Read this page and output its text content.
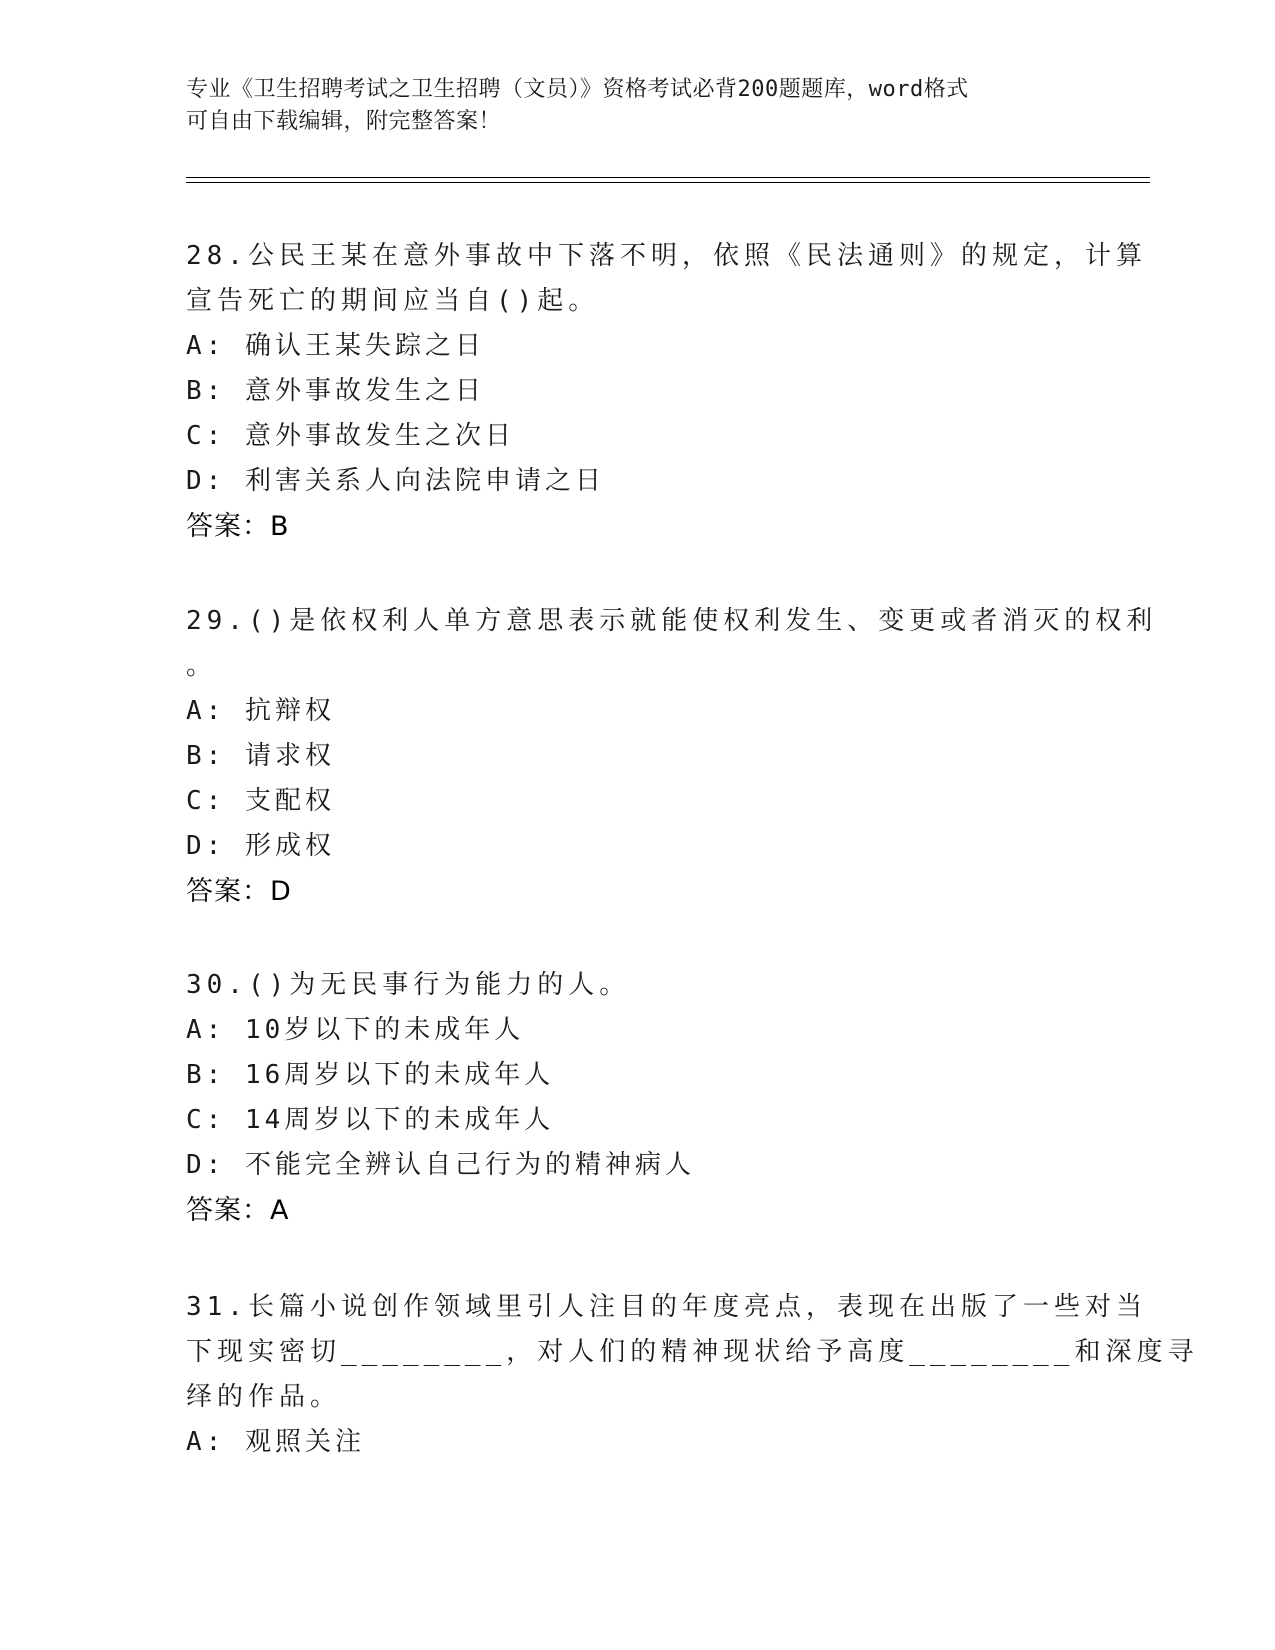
专业《卫生招聘考试之卫生招聘（文员）》资格考试必背200题题库，word格式
可自由下载编辑，附完整答案！
28.公民王某在意外事故中下落不明，依照《民法通则》的规定，计算
宣告死亡的期间应当自()起。
A: 确认王某失踪之日
B: 意外事故发生之日
C: 意外事故发生之次日
D: 利害关系人向法院申请之日
答案：B
29.()是依权利人单方意思表示就能使权利发生、变更或者消灭的权利
。
A: 抗辩权
B: 请求权
C: 支配权
D: 形成权
答案：D
30.()为无民事行为能力的人。
A: 10岁以下的未成年人
B: 16周岁以下的未成年人
C: 14周岁以下的未成年人
D: 不能完全辨认自己行为的精神病人
答案：A
31.长篇小说创作领域里引人注目的年度亮点，表现在出版了一些对当
下现实密切________，对人们的精神现状给予高度________和深度寻
绎的作品。
A: 观照关注
